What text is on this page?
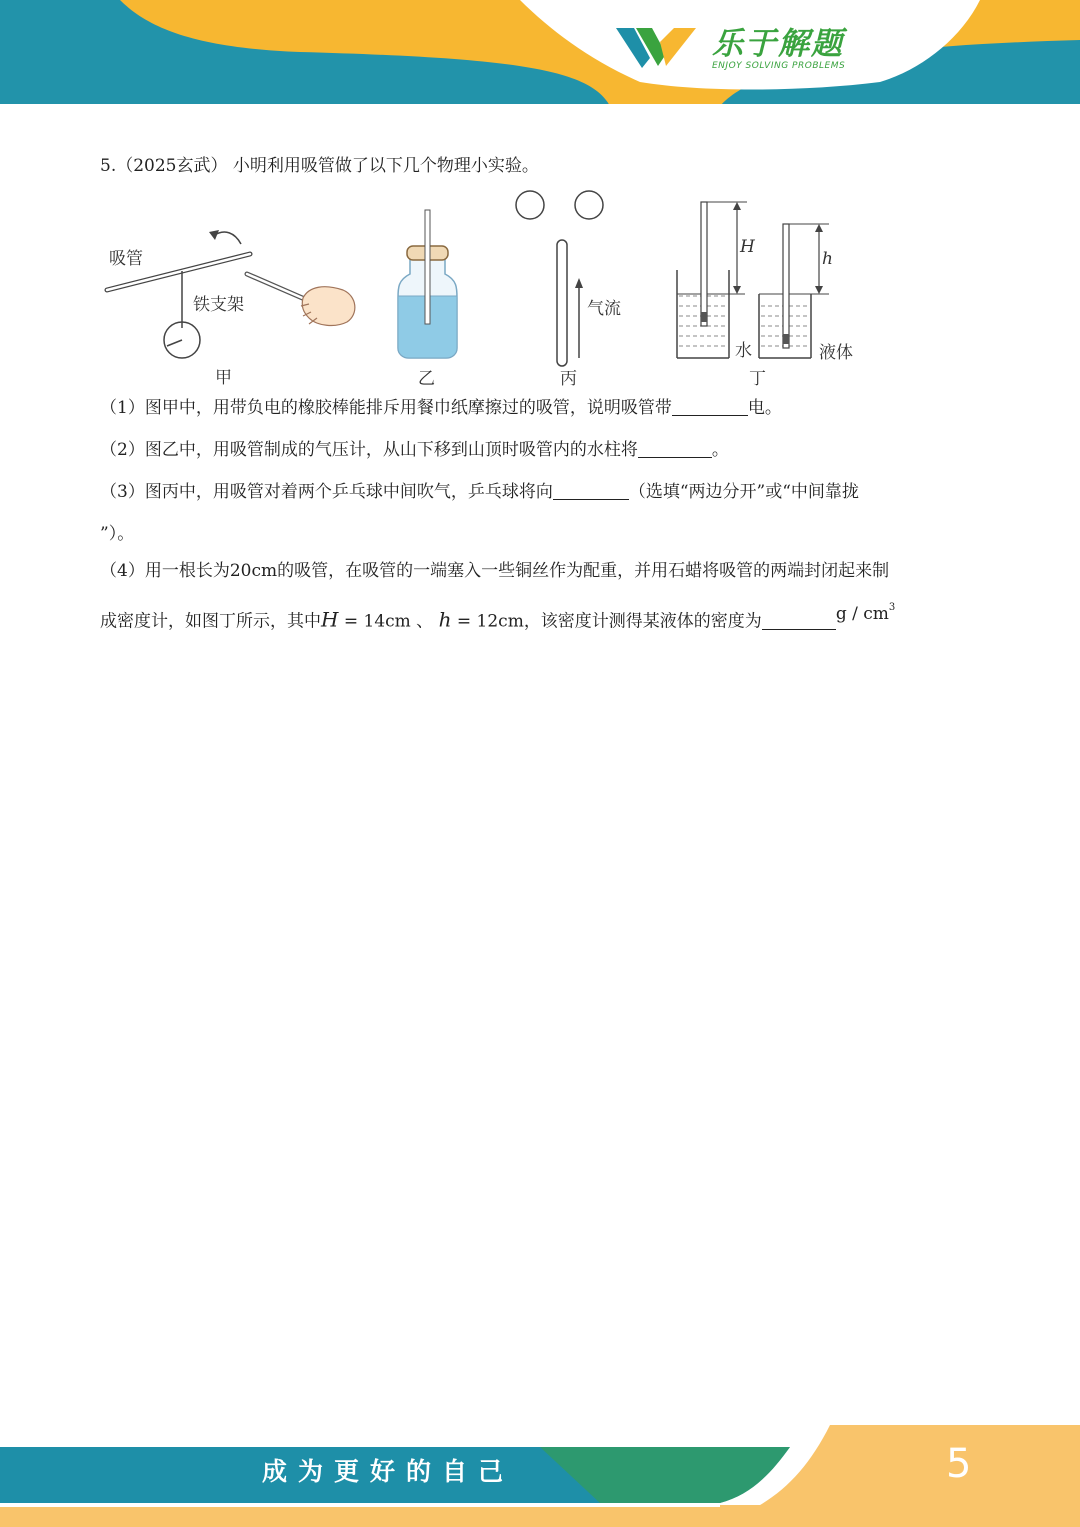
乐于解题
ENJOY SOLVING PROBLEMS
5.（2025玄武） 小明利用吸管做了以下几个物理小实验。
吸管
铁支架
甲	乙
气流
丙
H
水
h
液体
丁
（1）图甲中，用带负电的橡胶棒能排斥用餐巾纸摩擦过的吸管，说明吸管带	电。
（2）图乙中，用吸管制成的气压计，从山下移到山顶时吸管内的水柱将	。
（3）图丙中，用吸管对着两个乒乓球中间吹气，乒乓球将向	（选填“两边分开”或“中间靠拢
”）。
（4）用一根长为20cm的吸管，在吸管的一端塞入一些铜丝作为配重，并用石蜡将吸管的两端封闭起来制
成密度计，如图丁所示，其中H = 14cm 、 h = 12cm，该密度计测得某液体的密度为	g / $cm^3$
成为更好的自己	5
